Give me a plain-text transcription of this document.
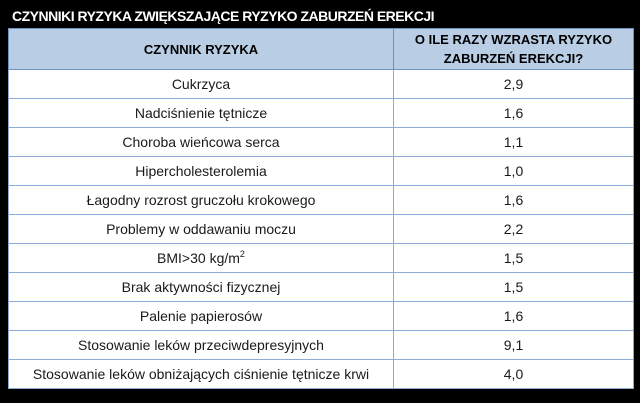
CZYNNIKI RYZYKA ZWIĘKSZAJĄCE RYZYKO ZABURZEŃ EREKCJI
CZYNNIK RYZYKA	O ILE RAZY WZRASTA RYZYKO ZABURZEŃ EREKCJI?
Cukrzyca	2,9
Nadciśnienie tętnicze	1,6
Choroba wieńcowa serca	1,1
Hipercholesterolemia	1,0
Łagodny rozrost gruczołu krokowego	1,6
Problemy w oddawaniu moczu	2,2
BMI>30 $kg/m^2$	1,5
Brak aktywności fizycznej	1,5
Palenie papierosów	1,6
Stosowanie leków przeciwdepresyjnych	9,1
Stosowanie leków obniżających ciśnienie tętnicze krwi	4,0
